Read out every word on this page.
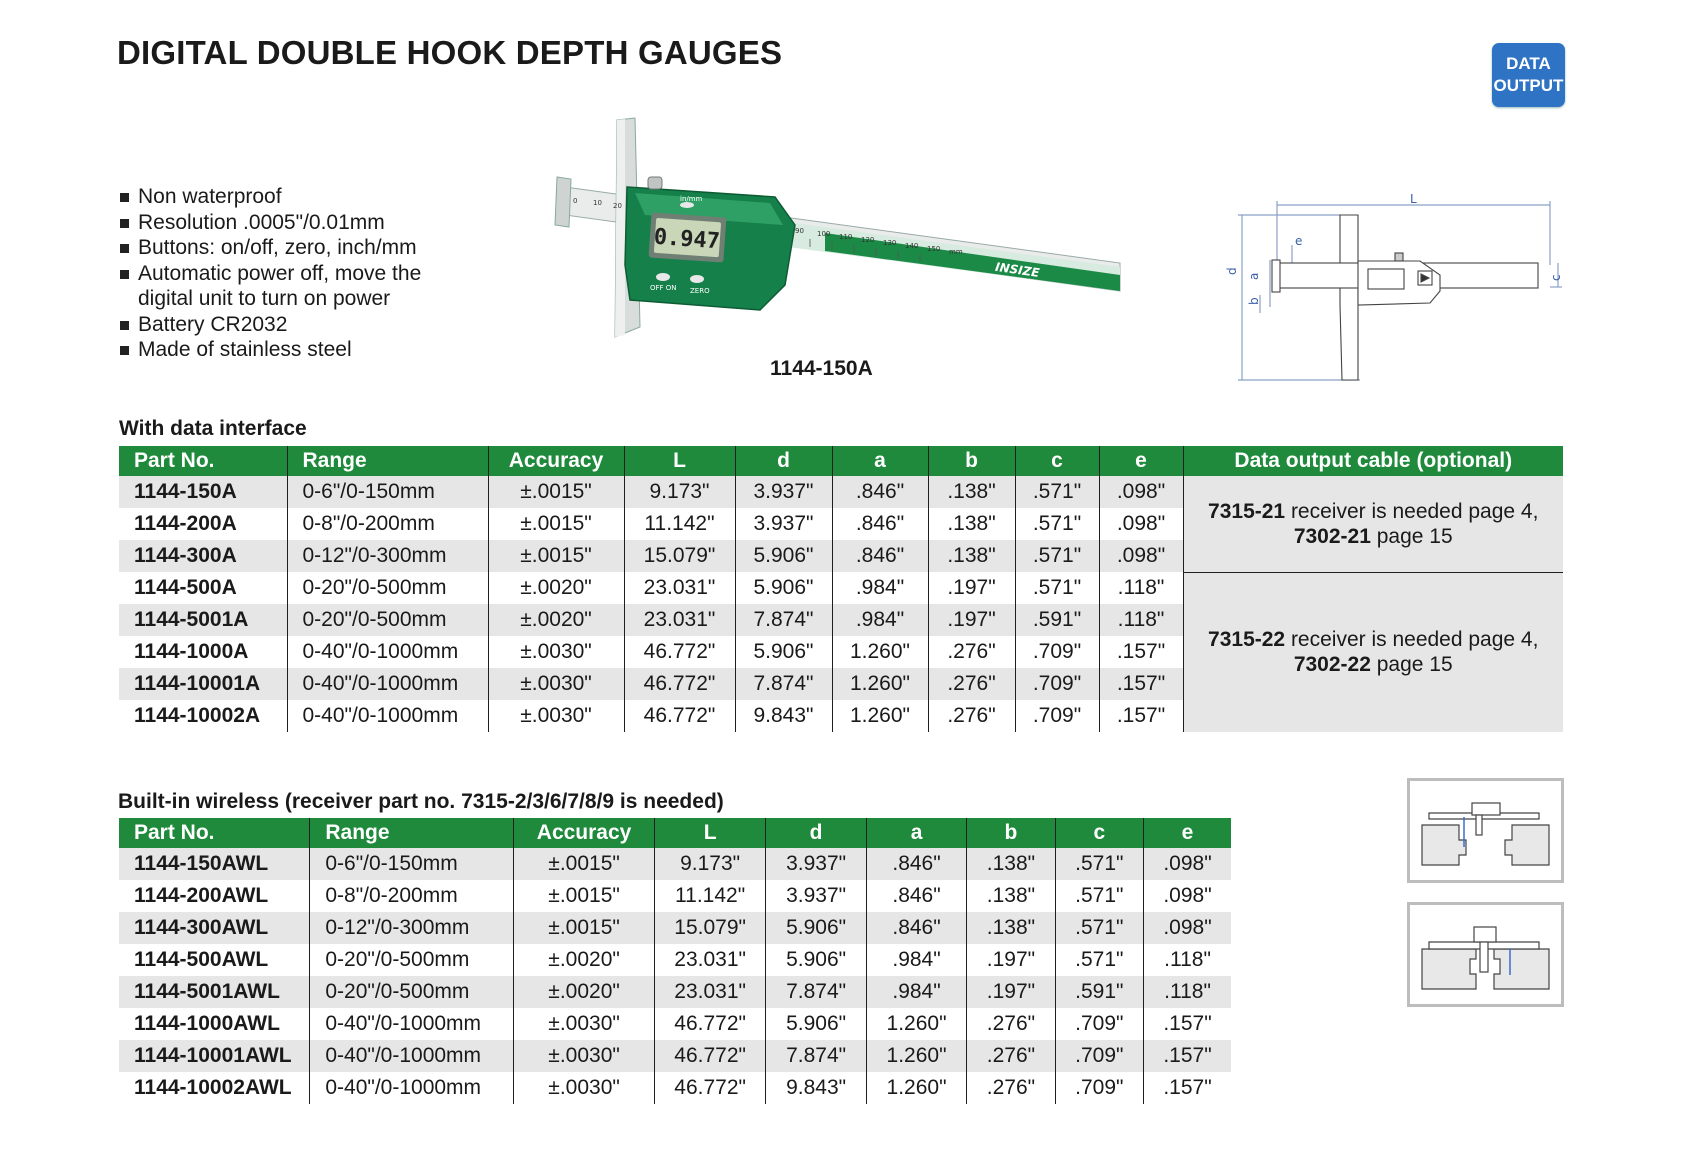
DIGITAL DOUBLE HOOK DEPTH GAUGES	DATA
OUTPUT
Non waterproof
Resolution .0005"/0.01mm
Buttons: on/off, zero, inch/mm
Automatic power off, move the digital unit to turn on power
Battery CR2032
Made of stainless steel
0.947
OFF ON ZERO
in/mm
0 10 20
90 100 110 120 130 140 150 mm
4
5
6	INSIZE
1144-150A
L
e
d
a
b
c
With data interface
Part No.	Range	Accuracy	L	d	a	b	c	e	Data output cable (optional)
1144-150A	0-6"/0-150mm	±.0015"	9.173"	3.937"	.846"	.138"	.571"	.098"	7315-21 receiver is needed page 4,
7302-21 page 15
1144-200A	0-8"/0-200mm	±.0015"	11.142"	3.937"	.846"	.138"	.571"	.098"	
1144-300A	0-12"/0-300mm	±.0015"	15.079"	5.906"	.846"	.138"	.571"	.098"	
1144-500A	0-20"/0-500mm	±.0020"	23.031"	5.906"	.984"	.197"	.571"	.118"	7315-22 receiver is needed page 4,
7302-22 page 15
1144-5001A	0-20"/0-500mm	±.0020"	23.031"	7.874"	.984"	.197"	.591"	.118"	
1144-1000A	0-40"/0-1000mm	±.0030"	46.772"	5.906"	1.260"	.276"	.709"	.157"	
1144-10001A	0-40"/0-1000mm	±.0030"	46.772"	7.874"	1.260"	.276"	.709"	.157"	
1144-10002A	0-40"/0-1000mm	±.0030"	46.772"	9.843"	1.260"	.276"	.709"	.157"	
Built-in wireless (receiver part no. 7315-2/3/6/7/8/9 is needed)
Part No.	Range	Accuracy	L	d	a	b	c	e
1144-150AWL	0-6"/0-150mm	±.0015"	9.173"	3.937"	.846"	.138"	.571"	.098"
1144-200AWL	0-8"/0-200mm	±.0015"	11.142"	3.937"	.846"	.138"	.571"	.098"
1144-300AWL	0-12"/0-300mm	±.0015"	15.079"	5.906"	.846"	.138"	.571"	.098"
1144-500AWL	0-20"/0-500mm	±.0020"	23.031"	5.906"	.984"	.197"	.571"	.118"
1144-5001AWL	0-20"/0-500mm	±.0020"	23.031"	7.874"	.984"	.197"	.591"	.118"
1144-1000AWL	0-40"/0-1000mm	±.0030"	46.772"	5.906"	1.260"	.276"	.709"	.157"
1144-10001AWL	0-40"/0-1000mm	±.0030"	46.772"	7.874"	1.260"	.276"	.709"	.157"
1144-10002AWL	0-40"/0-1000mm	±.0030"	46.772"	9.843"	1.260"	.276"	.709"	.157"
